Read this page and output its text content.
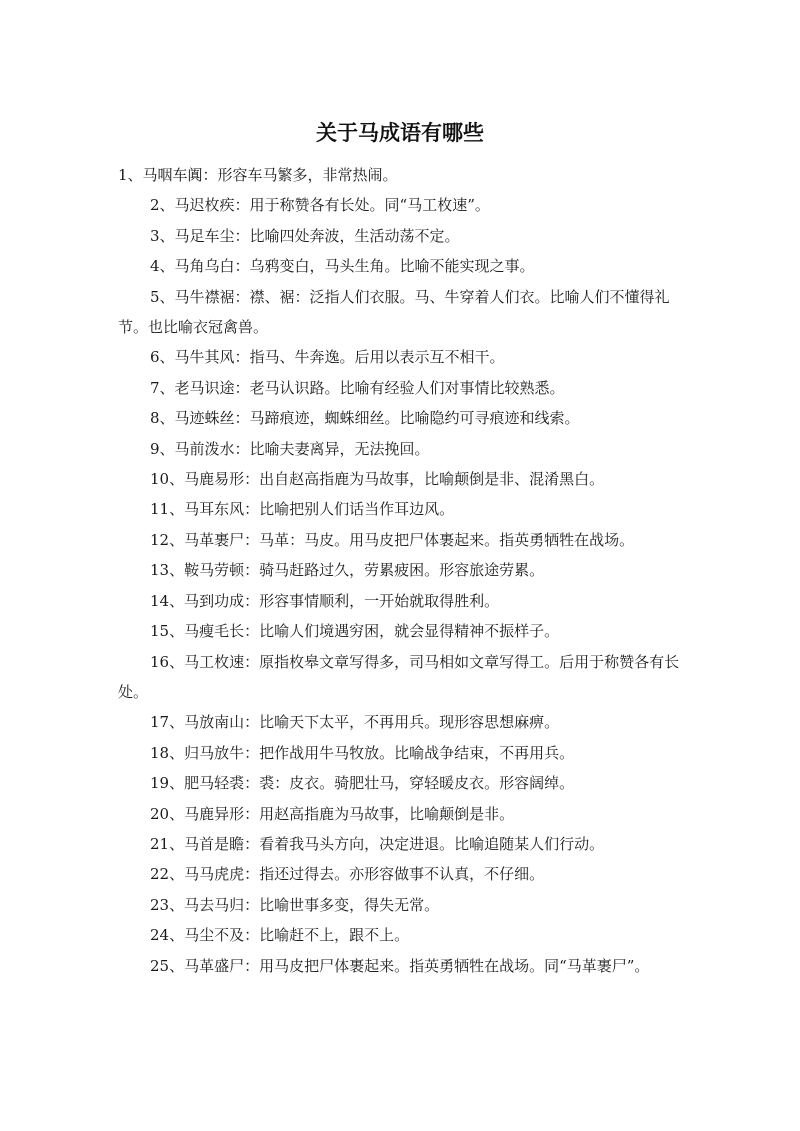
关于马成语有哪些

1、马咽车阗：形容车马繁多，非常热闹。

2、马迟枚疾：用于称赞各有长处。同“马工枚速”。

3、马足车尘：比喻四处奔波，生活动荡不定。

4、马角乌白：乌鸦变白，马头生角。比喻不能实现之事。

5、马牛襟裾：襟、裾：泛指人们衣服。马、牛穿着人们衣。比喻人们不懂得礼节。也比喻衣冠禽兽。

6、马牛其风：指马、牛奔逸。后用以表示互不相干。

7、老马识途：老马认识路。比喻有经验人们对事情比较熟悉。

8、马迹蛛丝：马蹄痕迹，蜘蛛细丝。比喻隐约可寻痕迹和线索。

9、马前泼水：比喻夫妻离异，无法挽回。

10、马鹿易形：出自赵高指鹿为马故事，比喻颠倒是非、混淆黑白。

11、马耳东风：比喻把别人们话当作耳边风。

12、马革裹尸：马革：马皮。用马皮把尸体裹起来。指英勇牺牲在战场。

13、鞍马劳顿：骑马赶路过久，劳累疲困。形容旅途劳累。

14、马到功成：形容事情顺利，一开始就取得胜利。

15、马瘦毛长：比喻人们境遇穷困，就会显得精神不振样子。

16、马工枚速：原指枚皋文章写得多，司马相如文章写得工。后用于称赞各有长处。

17、马放南山：比喻天下太平，不再用兵。现形容思想麻痹。

18、归马放牛：把作战用牛马牧放。比喻战争结束，不再用兵。

19、肥马轻裘：裘：皮衣。骑肥壮马，穿轻暖皮衣。形容阔绰。

20、马鹿异形：用赵高指鹿为马故事，比喻颠倒是非。

21、马首是瞻：看着我马头方向，决定进退。比喻追随某人们行动。

22、马马虎虎：指还过得去。亦形容做事不认真，不仔细。

23、马去马归：比喻世事多变，得失无常。

24、马尘不及：比喻赶不上，跟不上。

25、马革盛尸：用马皮把尸体裹起来。指英勇牺牲在战场。同“马革裹尸”。
